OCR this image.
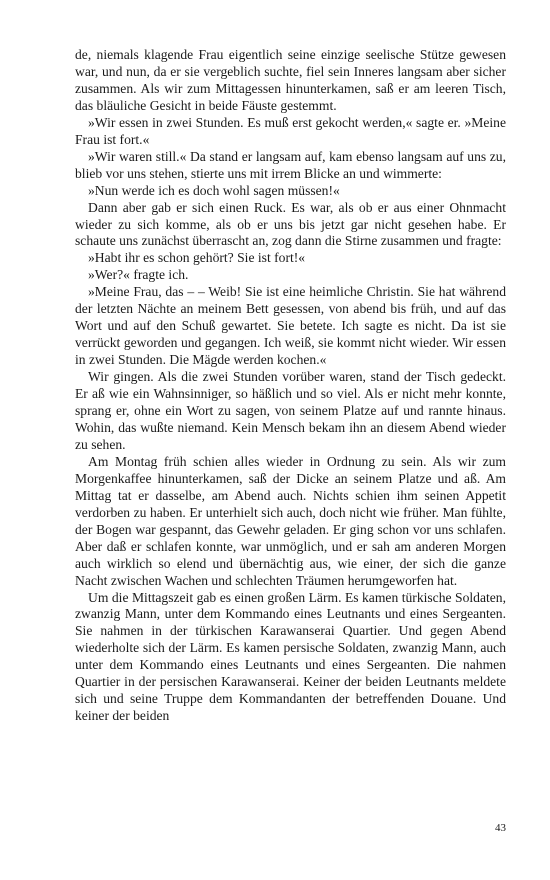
de, niemals klagende Frau eigentlich seine einzige seelische Stütze gewesen war, und nun, da er sie vergeblich suchte, fiel sein Inneres langsam aber sicher zusammen. Als wir zum Mittagessen hinunterkamen, saß er am leeren Tisch, das bläuliche Gesicht in beide Fäuste gestemmt.

»Wir essen in zwei Stunden. Es muß erst gekocht werden,« sagte er. »Meine Frau ist fort.«

»Wir waren still.« Da stand er langsam auf, kam ebenso langsam auf uns zu, blieb vor uns stehen, stierte uns mit irrem Blicke an und wimmerte:

»Nun werde ich es doch wohl sagen müssen!«

Dann aber gab er sich einen Ruck. Es war, als ob er aus einer Ohnmacht wieder zu sich komme, als ob er uns bis jetzt gar nicht gesehen habe. Er schaute uns zunächst überrascht an, zog dann die Stirne zusammen und fragte:

»Habt ihr es schon gehört? Sie ist fort!«

»Wer?« fragte ich.

»Meine Frau, das – – Weib! Sie ist eine heimliche Christin. Sie hat während der letzten Nächte an meinem Bett gesessen, von abend bis früh, und auf das Wort und auf den Schuß gewartet. Sie betete. Ich sagte es nicht. Da ist sie verrückt geworden und gegangen. Ich weiß, sie kommt nicht wieder. Wir essen in zwei Stunden. Die Mägde werden kochen.«

Wir gingen. Als die zwei Stunden vorüber waren, stand der Tisch gedeckt. Er aß wie ein Wahnsinniger, so häßlich und so viel. Als er nicht mehr konnte, sprang er, ohne ein Wort zu sagen, von seinem Platze auf und rannte hinaus. Wohin, das wußte niemand. Kein Mensch bekam ihn an diesem Abend wieder zu sehen.

Am Montag früh schien alles wieder in Ordnung zu sein. Als wir zum Morgenkaffee hinunterkamen, saß der Dicke an seinem Platze und aß. Am Mittag tat er dasselbe, am Abend auch. Nichts schien ihm seinen Appetit verdorben zu haben. Er unterhielt sich auch, doch nicht wie früher. Man fühlte, der Bogen war gespannt, das Gewehr geladen. Er ging schon vor uns schlafen. Aber daß er schlafen konnte, war unmöglich, und er sah am anderen Morgen auch wirklich so elend und übernächtig aus, wie einer, der sich die ganze Nacht zwischen Wachen und schlechten Träumen herumgeworfen hat.

Um die Mittagszeit gab es einen großen Lärm. Es kamen türkische Soldaten, zwanzig Mann, unter dem Kommando eines Leutnants und eines Sergeanten. Sie nahmen in der türkischen Karawanserai Quartier. Und gegen Abend wiederholte sich der Lärm. Es kamen persische Soldaten, zwanzig Mann, auch unter dem Kommando eines Leutnants und eines Sergeanten. Die nahmen Quartier in der persischen Karawanserai. Keiner der beiden Leutnants meldete sich und seine Truppe dem Kommandanten der betreffenden Douane. Und keiner der beiden

43
